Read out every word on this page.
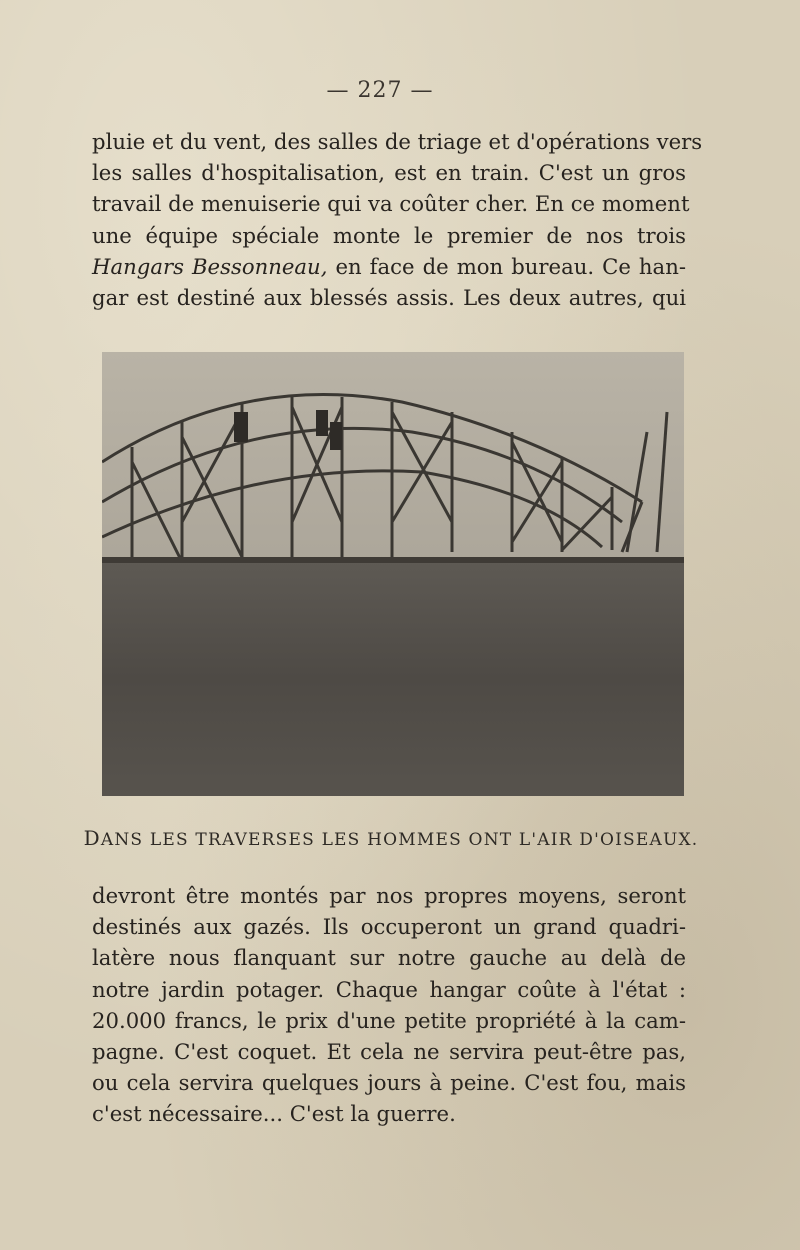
— 227 —
pluie et du vent, des salles de triage et d'opérations vers
les salles d'hospitalisation, est en train. C'est un gros
travail de menuiserie qui va coûter cher. En ce moment
une équipe spéciale monte le premier de nos trois
Hangars Bessonneau, en face de mon bureau. Ce han-
gar est destiné aux blessés assis. Les deux autres, qui
DANS LES TRAVERSES LES HOMMES ONT L'AIR D'OISEAUX.
devront être montés par nos propres moyens, seront
destinés aux gazés. Ils occuperont un grand quadri-
latère nous flanquant sur notre gauche au delà de
notre jardin potager. Chaque hangar coûte à l'état :
20.000 francs, le prix d'une petite propriété à la cam-
pagne. C'est coquet. Et cela ne servira peut-être pas,
ou cela servira quelques jours à peine. C'est fou, mais
c'est nécessaire... C'est la guerre.
